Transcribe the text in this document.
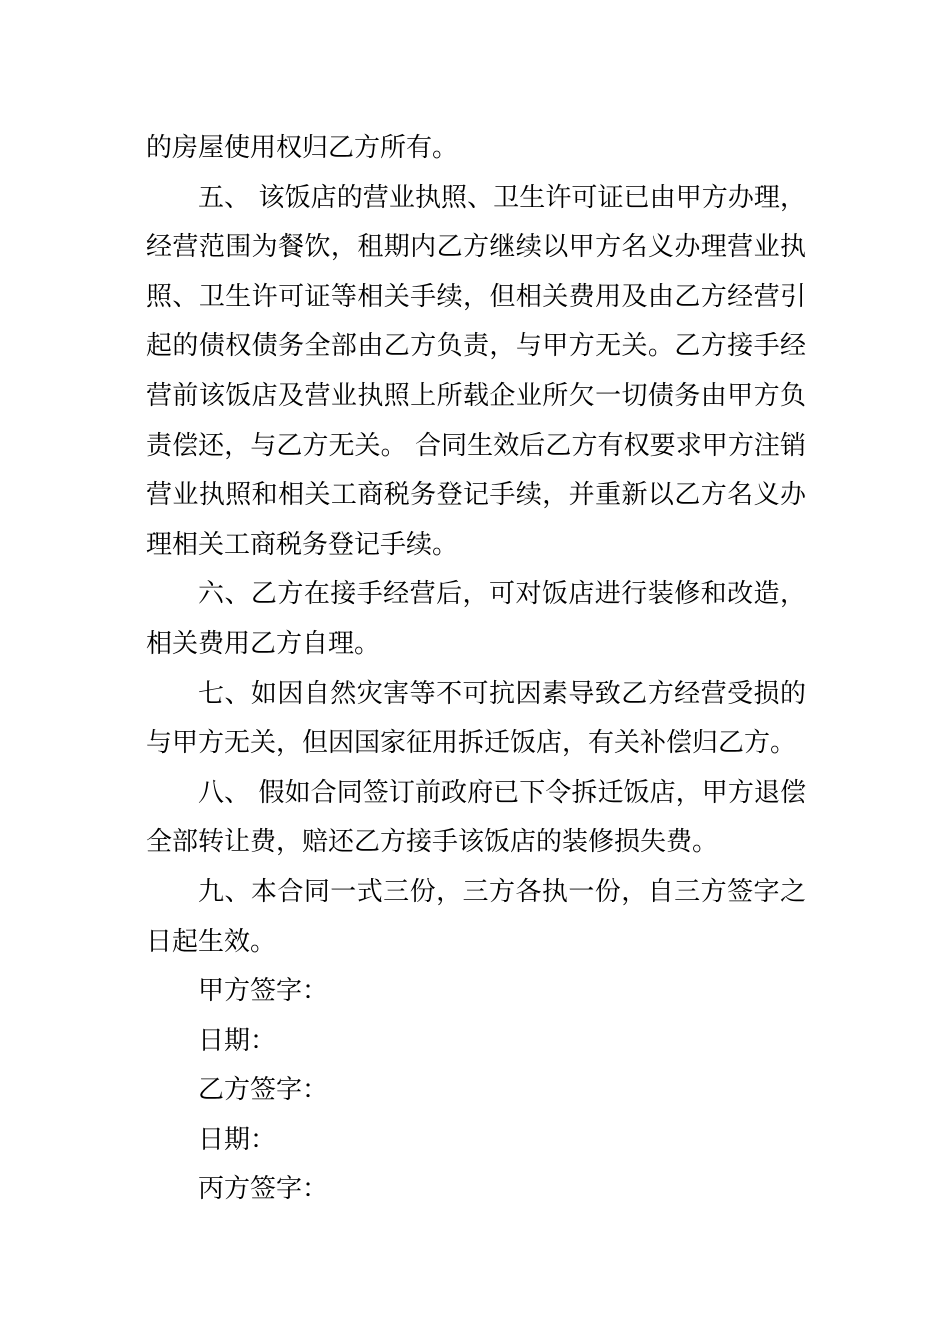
的房屋使用权归乙方所有。
五、 该饭店的营业执照、卫生许可证已由甲方办理，
经营范围为餐饮，租期内乙方继续以甲方名义办理营业执
照、卫生许可证等相关手续，但相关费用及由乙方经营引
起的债权债务全部由乙方负责，与甲方无关。乙方接手经
营前该饭店及营业执照上所载企业所欠一切债务由甲方负
责偿还，与乙方无关。 合同生效后乙方有权要求甲方注销
营业执照和相关工商税务登记手续，并重新以乙方名义办
理相关工商税务登记手续。
六、乙方在接手经营后，可对饭店进行装修和改造，
相关费用乙方自理。
七、如因自然灾害等不可抗因素导致乙方经营受损的
与甲方无关，但因国家征用拆迁饭店，有关补偿归乙方。
八、 假如合同签订前政府已下令拆迁饭店，甲方退偿
全部转让费，赔还乙方接手该饭店的装修损失费。
九、本合同一式三份，三方各执一份，自三方签字之
日起生效。
甲方签字：
日期：
乙方签字：
日期：
丙方签字：
